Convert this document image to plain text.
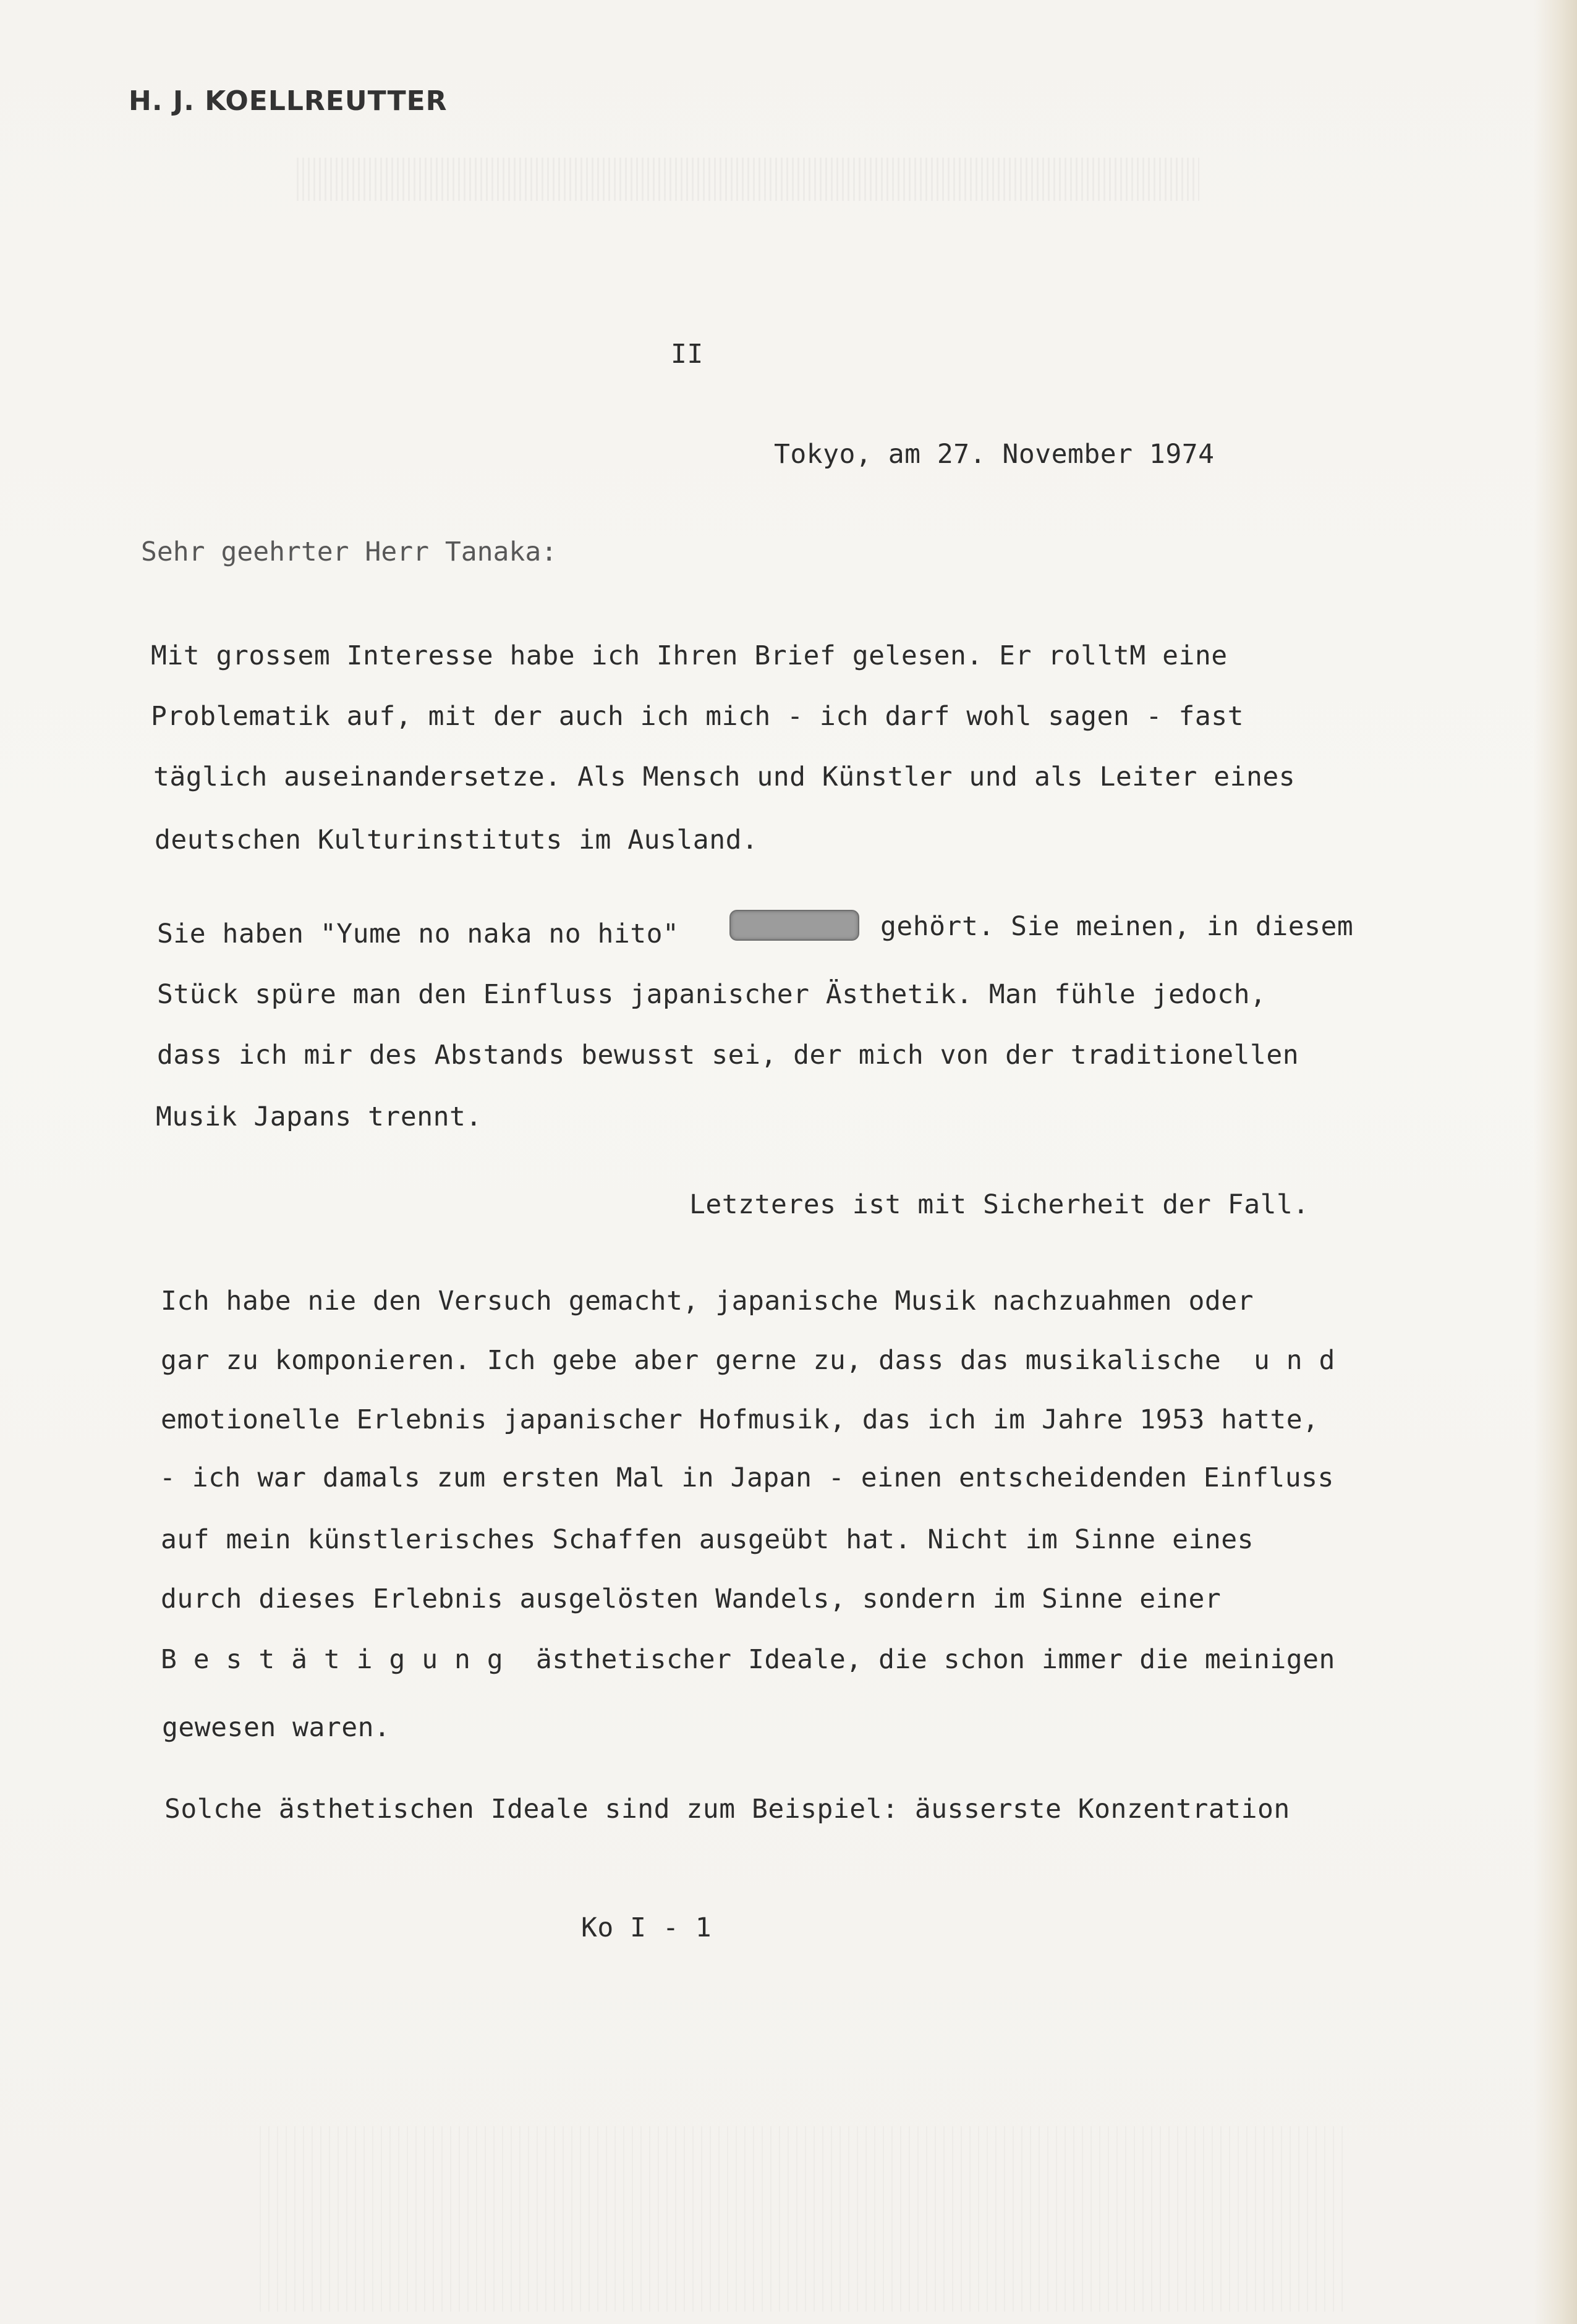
H. J. KOELLREUTTER
II
Tokyo, am 27. November 1974
Sehr geehrter Herr Tanaka:
Mit grossem Interesse habe ich Ihren Brief gelesen. Er rolltM eine
Problematik auf, mit der auch ich mich - ich darf wohl sagen - fast
täglich auseinandersetze. Als Mensch und Künstler und als Leiter eines
deutschen Kulturinstituts im Ausland.
Sie haben "Yume no naka no hito"	gehört. Sie meinen, in diesem
Stück spüre man den Einfluss japanischer Ästhetik. Man fühle jedoch,
dass ich mir des Abstands bewusst sei, der mich von der traditionellen
Musik Japans trennt.
Letzteres ist mit Sicherheit der Fall.
Ich habe nie den Versuch gemacht, japanische Musik nachzuahmen oder
gar zu komponieren. Ich gebe aber gerne zu, dass das musikalische  u n d
emotionelle Erlebnis japanischer Hofmusik, das ich im Jahre 1953 hatte,
- ich war damals zum ersten Mal in Japan - einen entscheidenden Einfluss
auf mein künstlerisches Schaffen ausgeübt hat. Nicht im Sinne eines
durch dieses Erlebnis ausgelösten Wandels, sondern im Sinne einer
B e s t ä t i g u n g  ästhetischer Ideale, die schon immer die meinigen
gewesen waren.
Solche ästhetischen Ideale sind zum Beispiel: äusserste Konzentration
Ko I - 1
